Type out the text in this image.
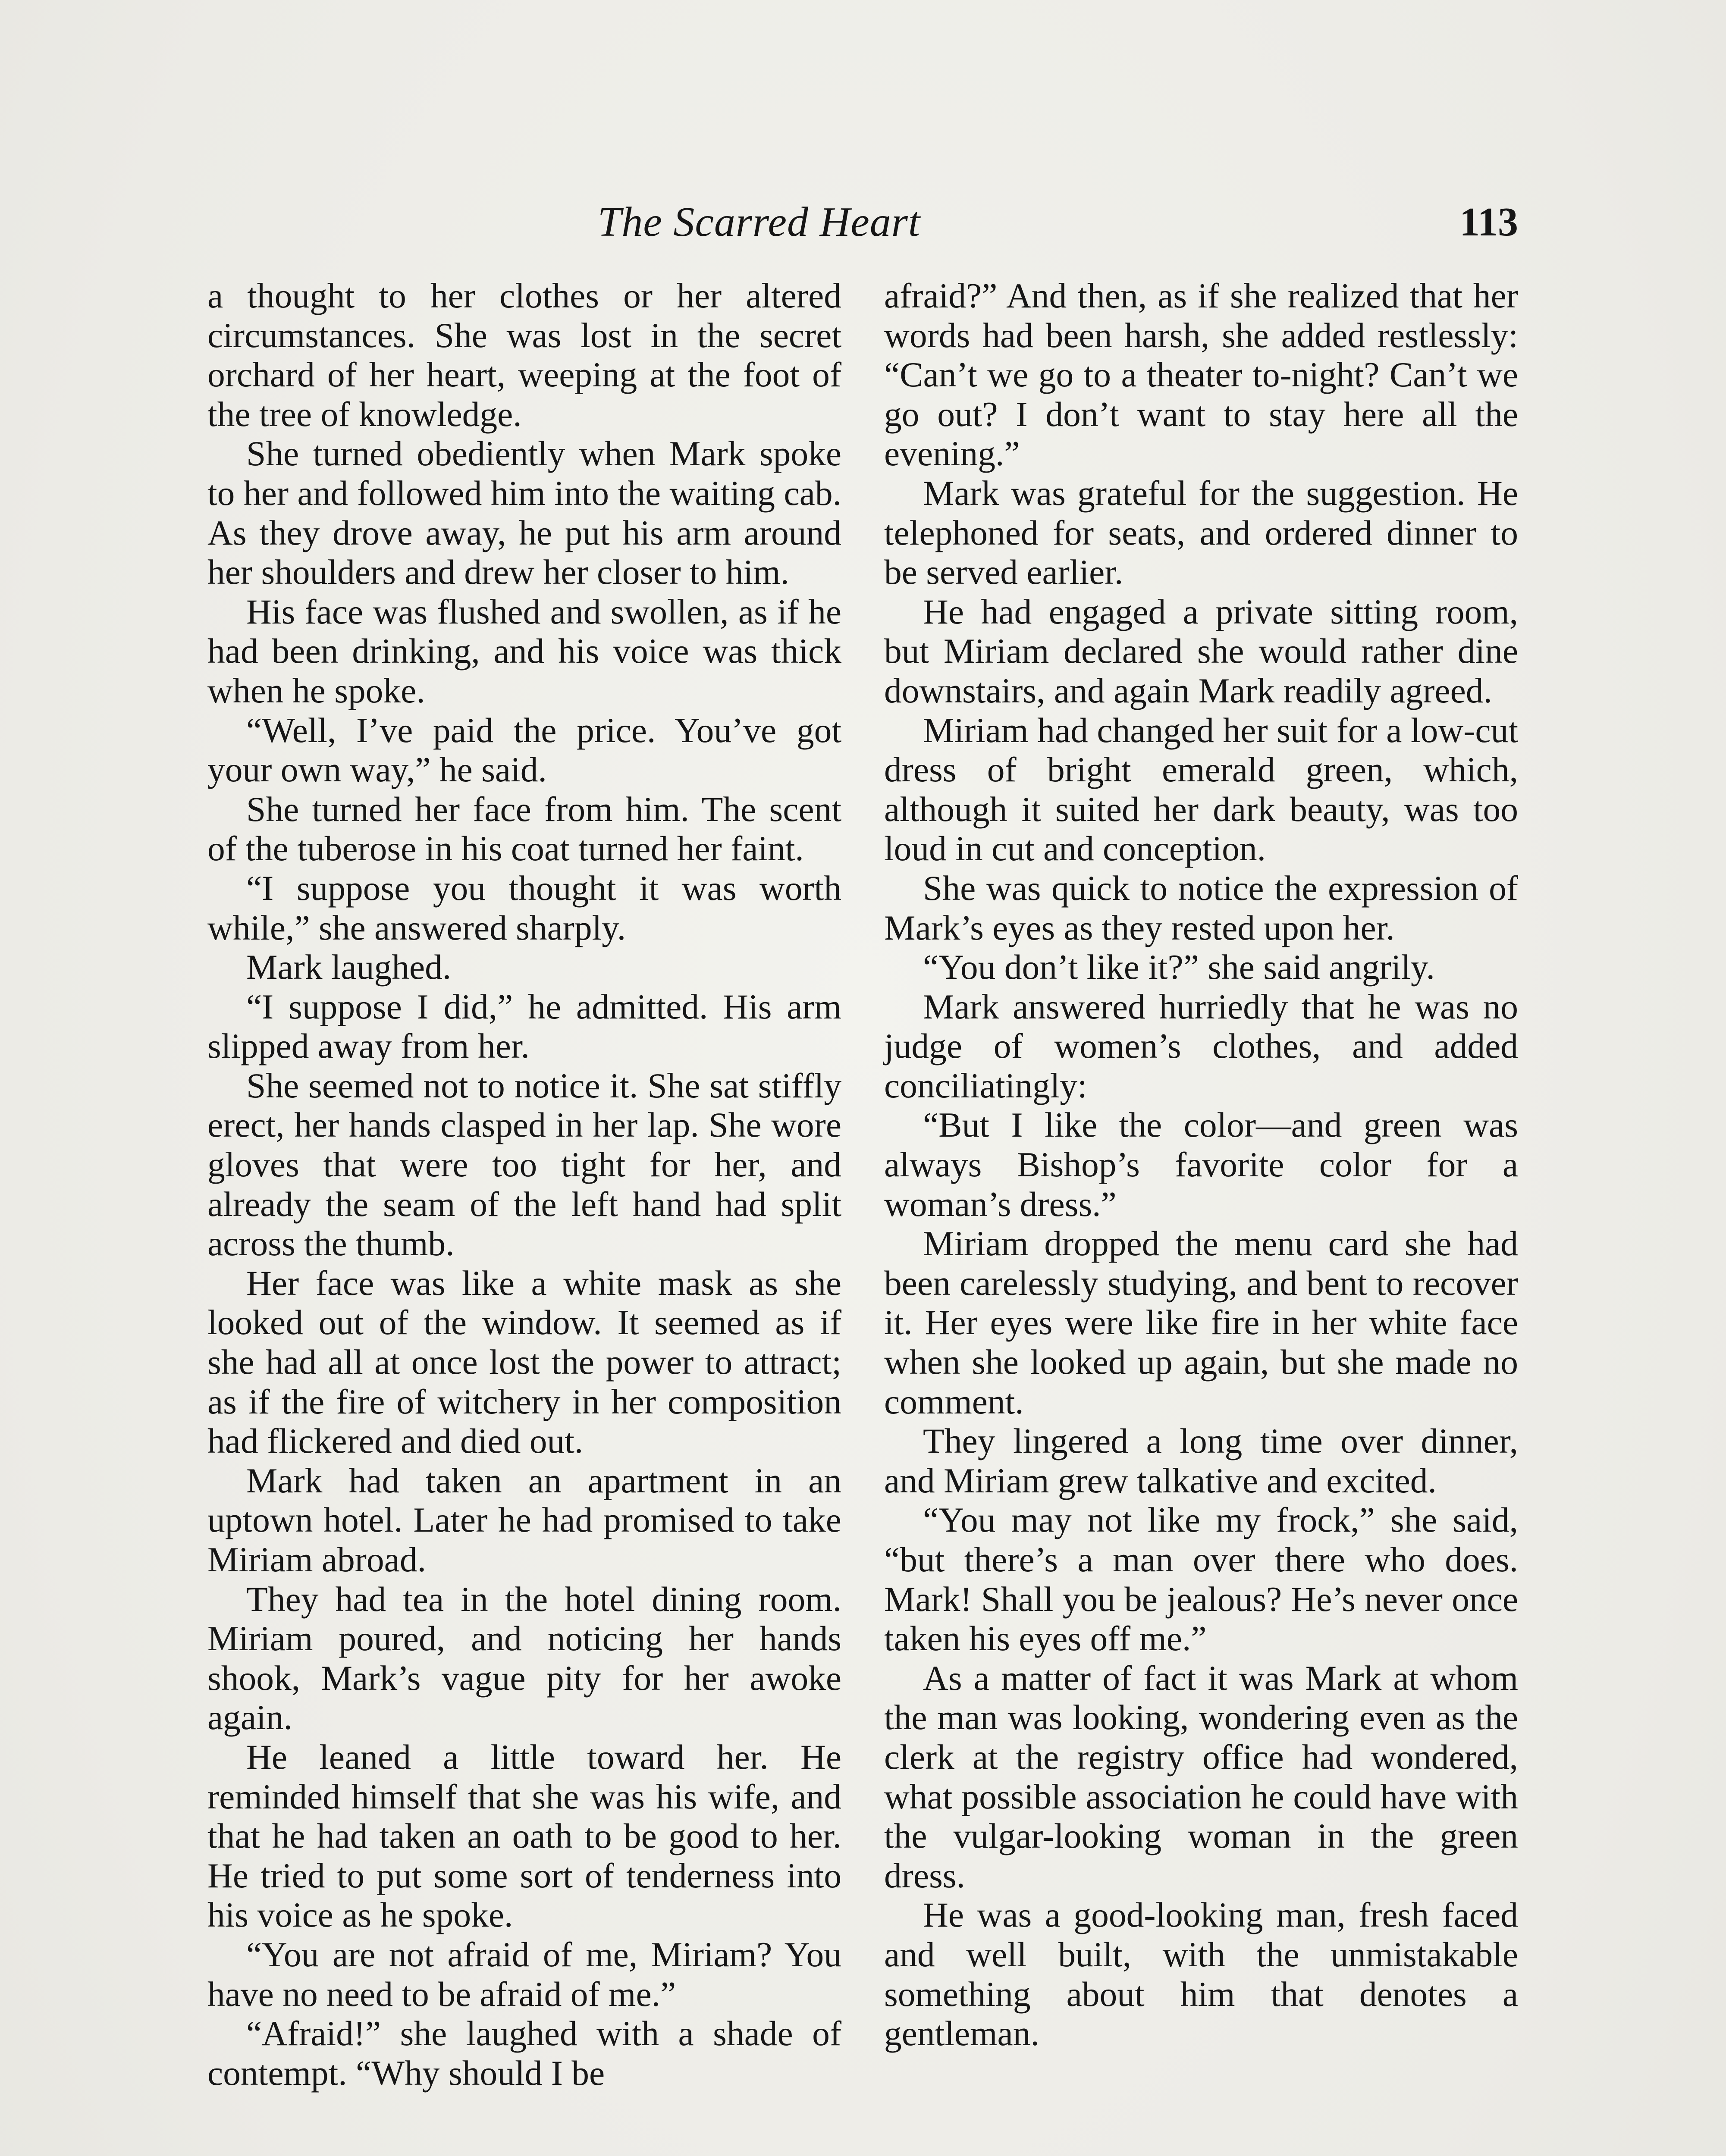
The Scarred Heart	113

a thought to her clothes or her altered circumstances. She was lost in the secret orchard of her heart, weeping at the foot of the tree of knowledge.

She turned obediently when Mark spoke to her and followed him into the waiting cab. As they drove away, he put his arm around her shoulders and drew her closer to him.

His face was flushed and swollen, as if he had been drinking, and his voice was thick when he spoke.

“Well, I’ve paid the price. You’ve got your own way,” he said.

She turned her face from him. The scent of the tuberose in his coat turned her faint.

“I suppose you thought it was worth while,” she answered sharply.

Mark laughed.

“I suppose I did,” he admitted. His arm slipped away from her.

She seemed not to notice it. She sat stiffly erect, her hands clasped in her lap. She wore gloves that were too tight for her, and already the seam of the left hand had split across the thumb.

Her face was like a white mask as she looked out of the window. It seemed as if she had all at once lost the power to attract; as if the fire of witchery in her composition had flickered and died out.

Mark had taken an apartment in an uptown hotel. Later he had promised to take Miriam abroad.

They had tea in the hotel dining room. Miriam poured, and noticing her hands shook, Mark’s vague pity for her awoke again.

He leaned a little toward her. He reminded himself that she was his wife, and that he had taken an oath to be good to her. He tried to put some sort of tenderness into his voice as he spoke.

“You are not afraid of me, Miriam? You have no need to be afraid of me.”

“Afraid!” she laughed with a shade of contempt. “Why should I be

afraid?” And then, as if she realized that her words had been harsh, she added restlessly: “Can’t we go to a theater to-night? Can’t we go out? I don’t want to stay here all the evening.”

Mark was grateful for the suggestion. He telephoned for seats, and ordered dinner to be served earlier.

He had engaged a private sitting room, but Miriam declared she would rather dine downstairs, and again Mark readily agreed.

Miriam had changed her suit for a low-cut dress of bright emerald green, which, although it suited her dark beauty, was too loud in cut and conception.

She was quick to notice the expression of Mark’s eyes as they rested upon her.

“You don’t like it?” she said angrily.

Mark answered hurriedly that he was no judge of women’s clothes, and added conciliatingly:

“But I like the color—and green was always Bishop’s favorite color for a woman’s dress.”

Miriam dropped the menu card she had been carelessly studying, and bent to recover it. Her eyes were like fire in her white face when she looked up again, but she made no comment.

They lingered a long time over dinner, and Miriam grew talkative and excited.

“You may not like my frock,” she said, “but there’s a man over there who does. Mark! Shall you be jealous? He’s never once taken his eyes off me.”

As a matter of fact it was Mark at whom the man was looking, wondering even as the clerk at the registry office had wondered, what possible association he could have with the vulgar-looking woman in the green dress.

He was a good-looking man, fresh faced and well built, with the unmistakable something about him that denotes a gentleman.
